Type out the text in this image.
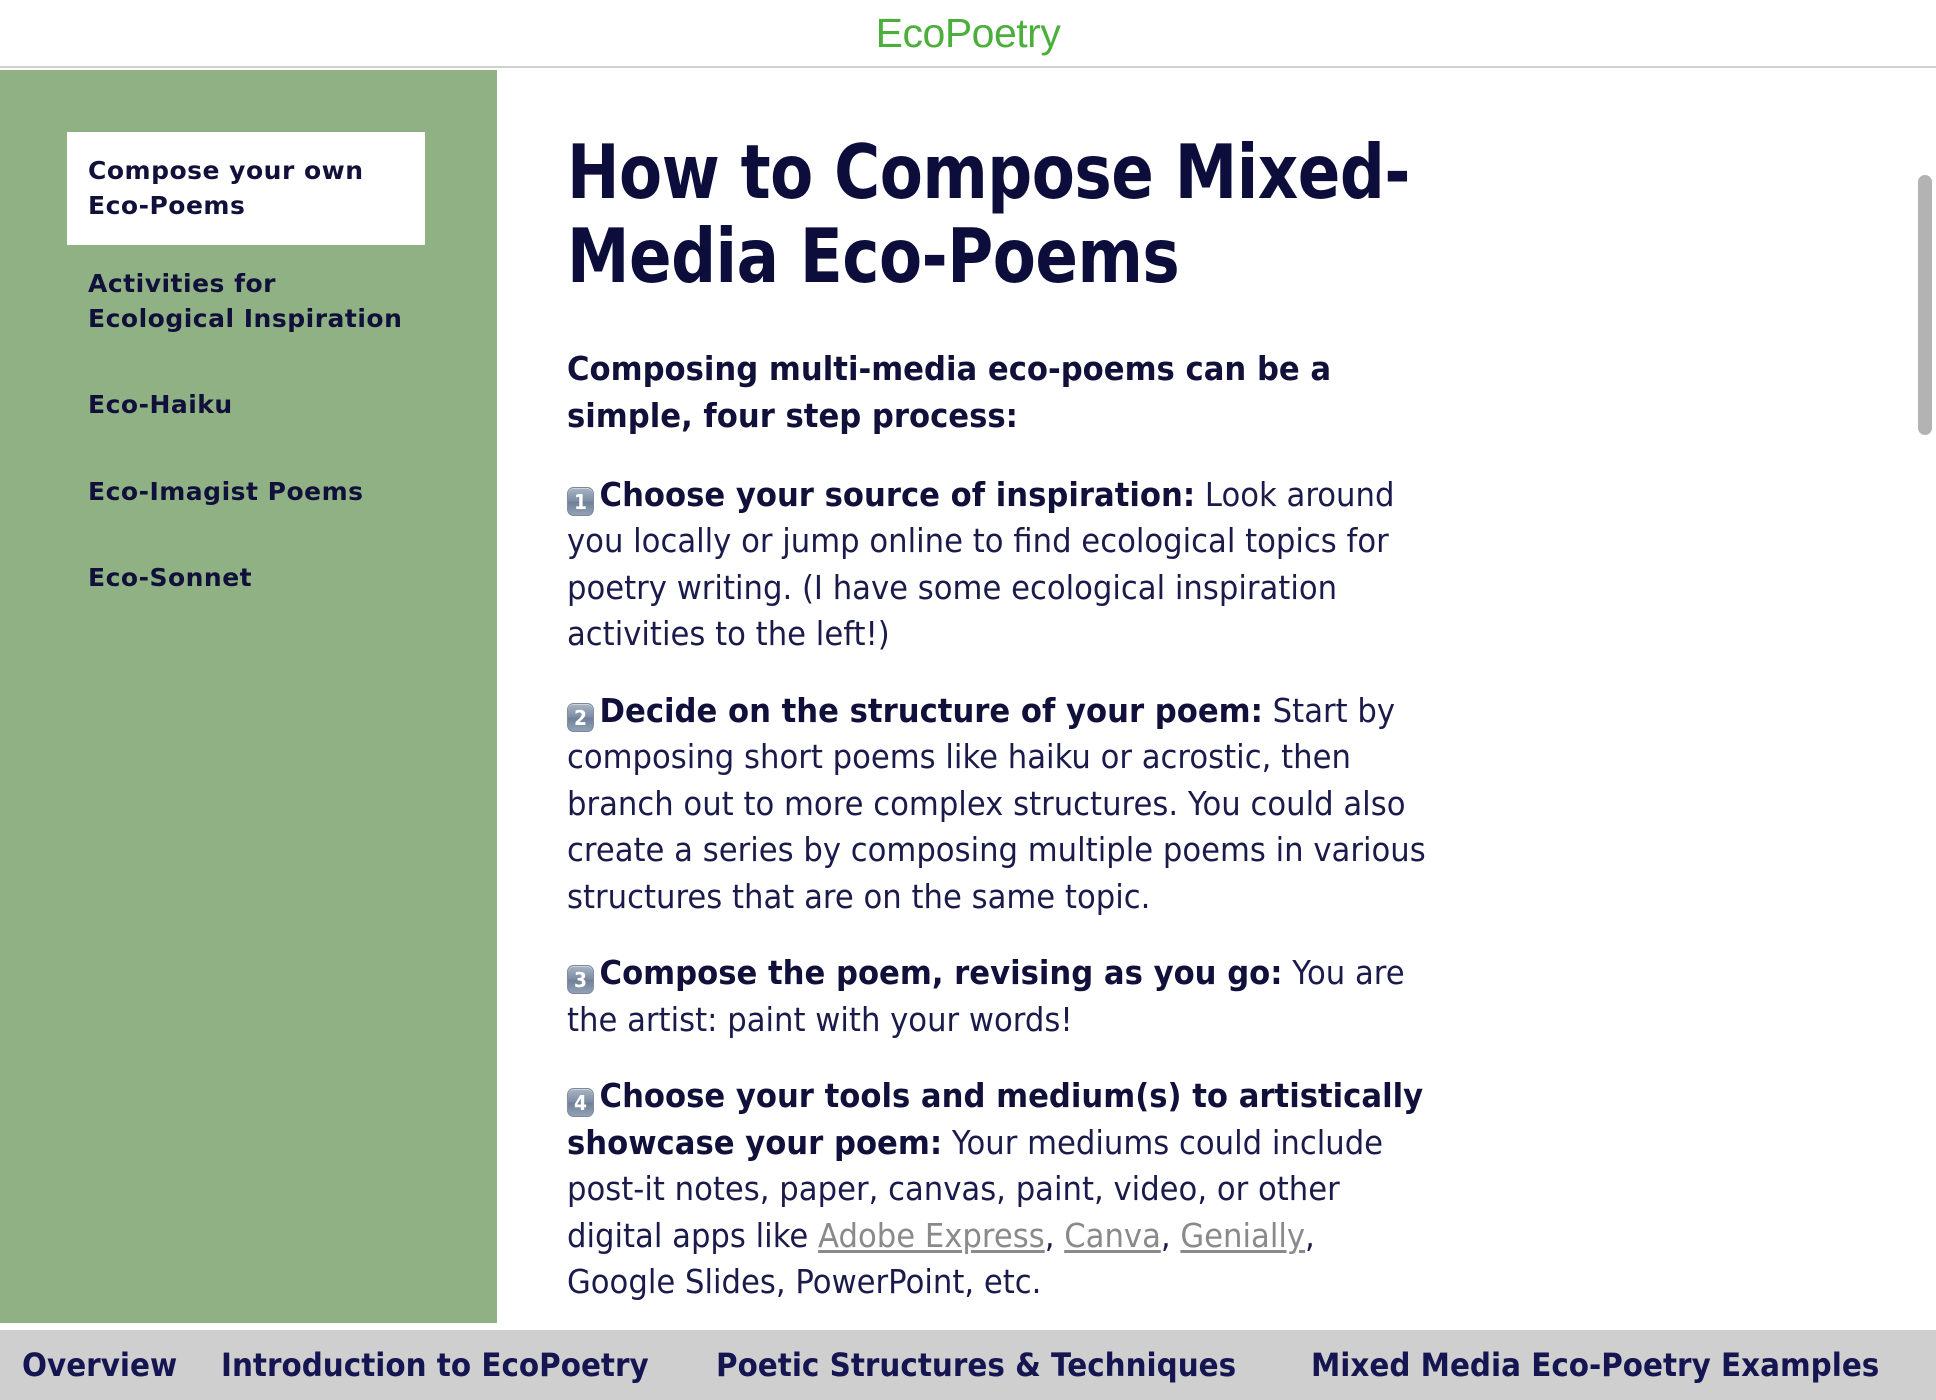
EcoPoetry
Compose your own Eco-Poems
Activities for Ecological Inspiration
Eco-Haiku
Eco-Imagist Poems
Eco-Sonnet
How to Compose Mixed-Media Eco-Poems

Composing multi-media eco-poems can be a simple, four step process:

1 Choose your source of inspiration: Look around you locally or jump online to find ecological topics for poetry writing. (I have some ecological inspiration activities to the left!)

2 Decide on the structure of your poem: Start by composing short poems like haiku or acrostic, then branch out to more complex structures. You could also create a series by composing multiple poems in various structures that are on the same topic.

3 Compose the poem, revising as you go: You are the artist: paint with your words!

4 Choose your tools and medium(s) to artistically showcase your poem: Your mediums could include post-it notes, paper, canvas, paint, video, or other digital apps like Adobe Express, Canva, Genially, Google Slides, PowerPoint, etc.

Overview Introduction to EcoPoetry Poetic Structures & Techniques Mixed Media Eco-Poetry Examples
